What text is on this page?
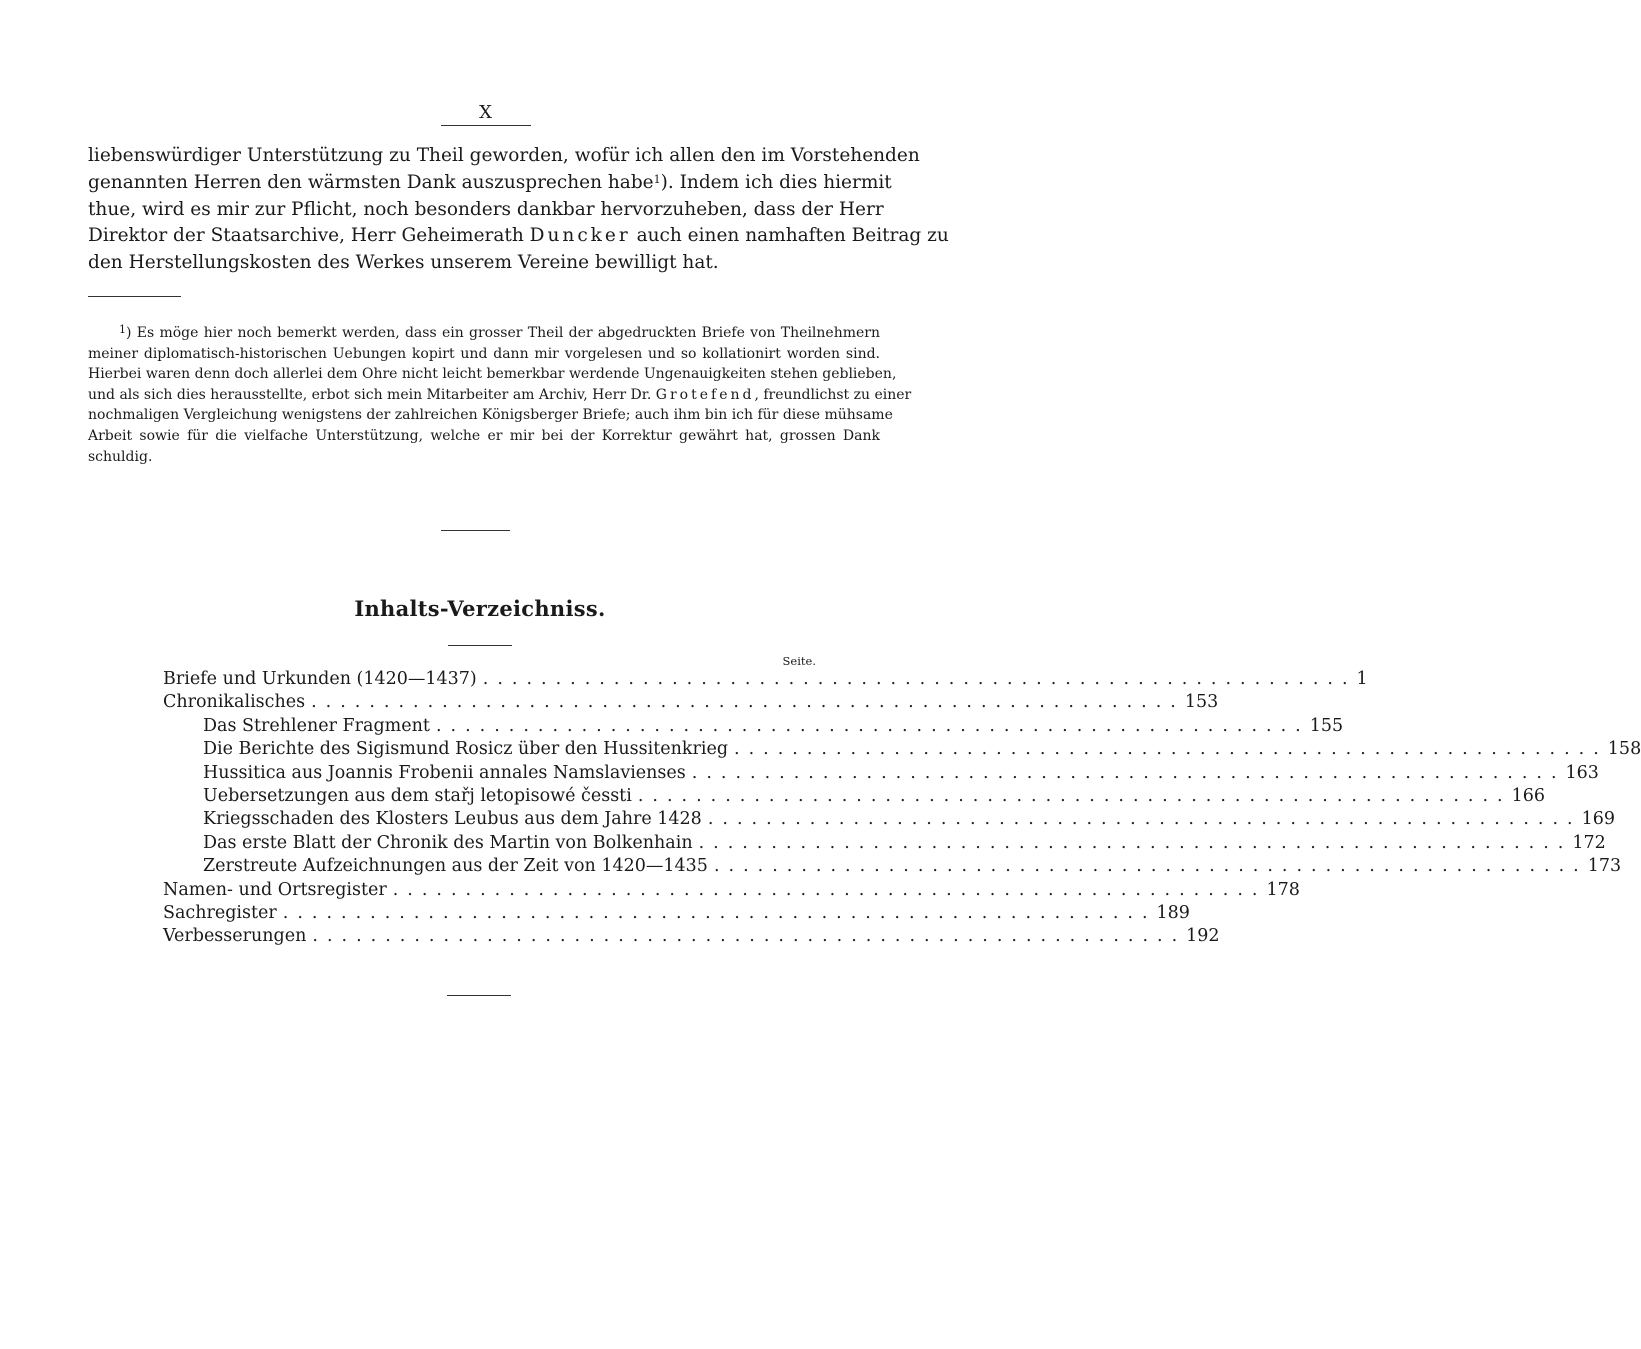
X
liebenswürdiger Unterstützung zu Theil geworden, wofür ich allen den im Vorstehenden
genannten Herren den wärmsten Dank auszusprechen habe$^1$). Indem ich dies hiermit
thue, wird es mir zur Pflicht, noch besonders dankbar hervorzuheben, dass der Herr
Direktor der Staatsarchive, Herr Geheimerath Duncker auch einen namhaften Beitrag zu
den Herstellungskosten des Werkes unserem Vereine bewilligt hat.
$^1$) Es möge hier noch bemerkt werden, dass ein grosser Theil der abgedruckten Briefe von Theilnehmern
meiner diplomatisch-historischen Uebungen kopirt und dann mir vorgelesen und so kollationirt worden sind.
Hierbei waren denn doch allerlei dem Ohre nicht leicht bemerkbar werdende Ungenauigkeiten stehen geblieben,
und als sich dies herausstellte, erbot sich mein Mitarbeiter am Archiv, Herr Dr. Grotefend, freundlichst zu einer
nochmaligen Vergleichung wenigstens der zahlreichen Königsberger Briefe; auch ihm bin ich für diese mühsame
Arbeit sowie für die vielfache Unterstützung, welche er mir bei der Korrektur gewährt hat, grossen Dank
schuldig.
Inhalts-Verzeichniss.
Seite.
Briefe und Urkunden (1420—1437) ............................................................ 1
Chronikalisches ............................................................ 153
Das Strehlener Fragment ............................................................ 155
Die Berichte des Sigismund Rosicz über den Hussitenkrieg ............................................................ 158
Hussitica aus Joannis Frobenii annales Namslavienses ............................................................ 163
Uebersetzungen aus dem stařj letopisowé čessti ............................................................ 166
Kriegsschaden des Klosters Leubus aus dem Jahre 1428 ............................................................ 169
Das erste Blatt der Chronik des Martin von Bolkenhain ............................................................ 172
Zerstreute Aufzeichnungen aus der Zeit von 1420—1435 ............................................................ 173
Namen- und Ortsregister ............................................................ 178
Sachregister ............................................................ 189
Verbesserungen ............................................................ 192
